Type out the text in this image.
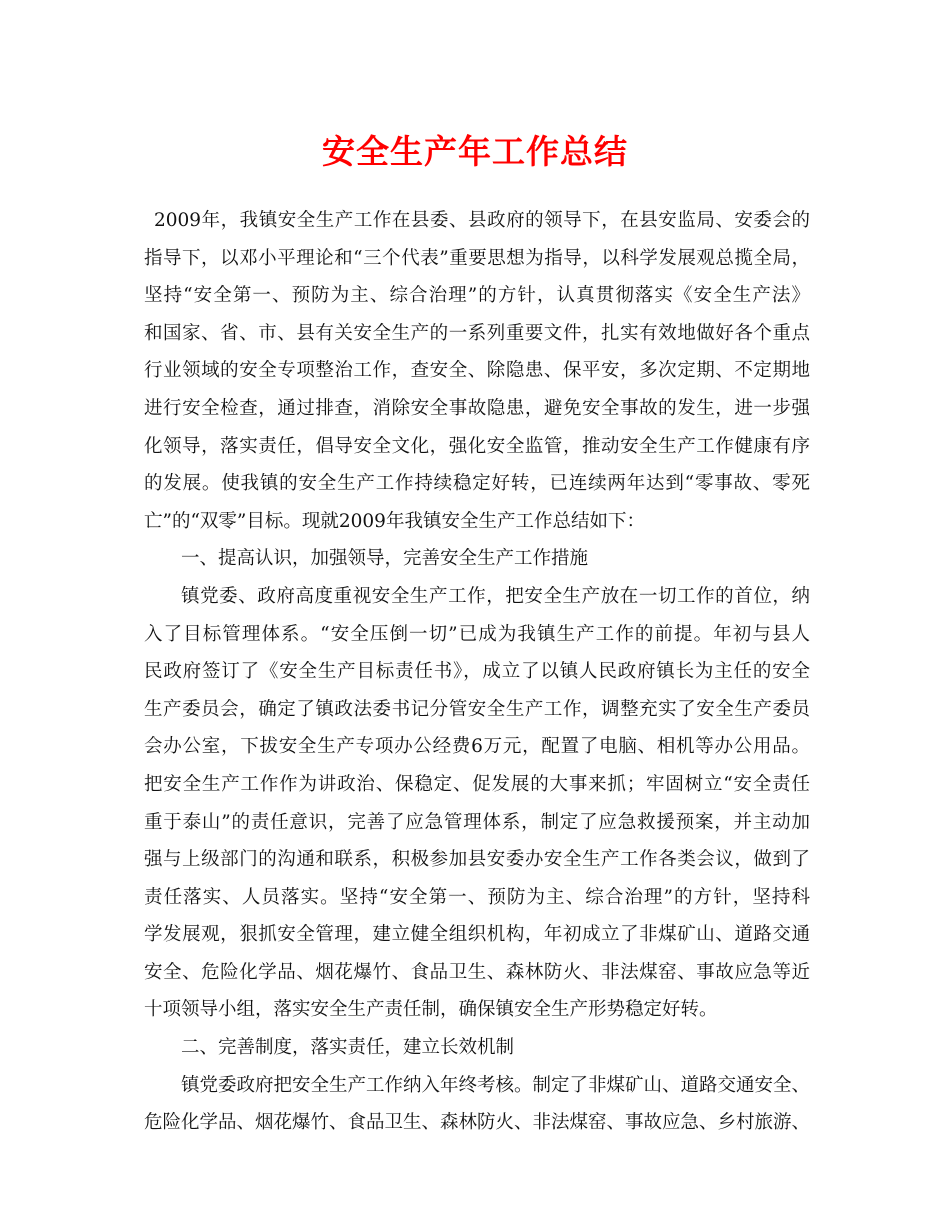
安全生产年工作总结
2009年，我镇安全生产工作在县委、县政府的领导下，在县安监局、安委会的
指导下，以邓小平理论和“三个代表”重要思想为指导，以科学发展观总揽全局，
坚持“安全第一、预防为主、综合治理”的方针，认真贯彻落实《安全生产法》
和国家、省、市、县有关安全生产的一系列重要文件，扎实有效地做好各个重点
行业领域的安全专项整治工作，查安全、除隐患、保平安，多次定期、不定期地
进行安全检查，通过排查，消除安全事故隐患，避免安全事故的发生，进一步强
化领导，落实责任，倡导安全文化，强化安全监管，推动安全生产工作健康有序
的发展。使我镇的安全生产工作持续稳定好转，已连续两年达到“零事故、零死
亡”的“双零”目标。现就2009年我镇安全生产工作总结如下：
一、提高认识，加强领导，完善安全生产工作措施
镇党委、政府高度重视安全生产工作，把安全生产放在一切工作的首位，纳
入了目标管理体系。“安全压倒一切”已成为我镇生产工作的前提。年初与县人
民政府签订了《安全生产目标责任书》，成立了以镇人民政府镇长为主任的安全
生产委员会，确定了镇政法委书记分管安全生产工作，调整充实了安全生产委员
会办公室，下拔安全生产专项办公经费6万元，配置了电脑、相机等办公用品。
把安全生产工作作为讲政治、保稳定、促发展的大事来抓；牢固树立“安全责任
重于泰山”的责任意识，完善了应急管理体系，制定了应急救援预案，并主动加
强与上级部门的沟通和联系，积极参加县安委办安全生产工作各类会议，做到了
责任落实、人员落实。坚持“安全第一、预防为主、综合治理”的方针，坚持科
学发展观，狠抓安全管理，建立健全组织机构，年初成立了非煤矿山、道路交通
安全、危险化学品、烟花爆竹、食品卫生、森林防火、非法煤窑、事故应急等近
十项领导小组，落实安全生产责任制，确保镇安全生产形势稳定好转。
二、完善制度，落实责任，建立长效机制
镇党委政府把安全生产工作纳入年终考核。制定了非煤矿山、道路交通安全、
危险化学品、烟花爆竹、食品卫生、森林防火、非法煤窑、事故应急、乡村旅游、
